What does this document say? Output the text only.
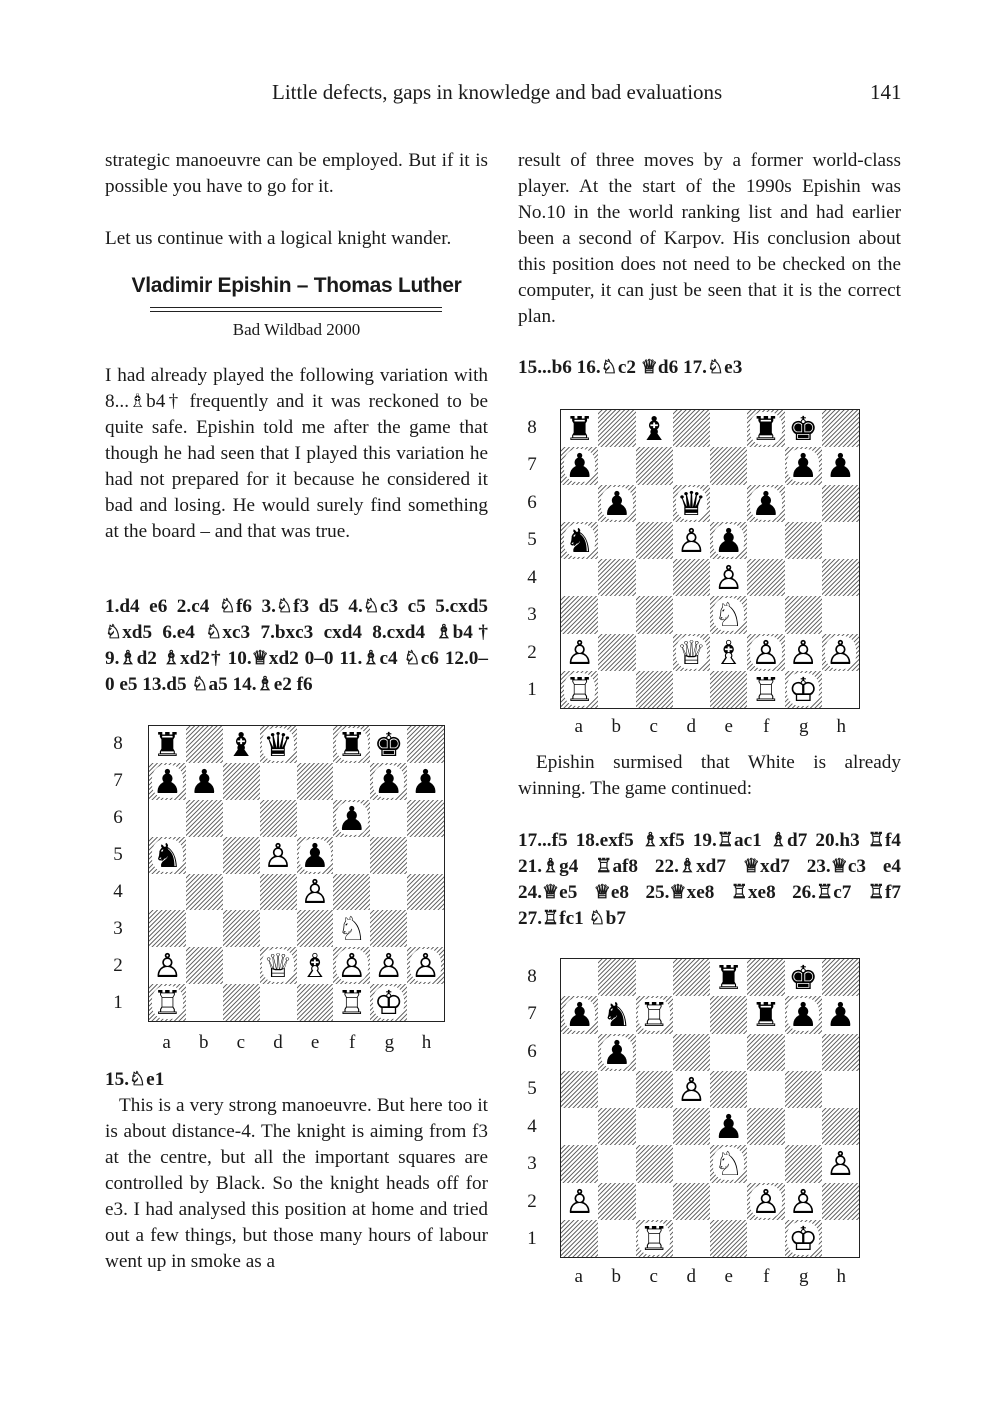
Little defects, gaps in knowledge and bad evaluations	141

strategic manoeuvre can be employed. But if it is possible you have to go for it.

Let us continue with a logical knight wander.

Vladimir Epishin – Thomas Luther
Bad Wildbad 2000

I had already played the following variation with 8...♗b4† frequently and it was reckoned to be quite safe. Epishin told me after the game that though he had seen that I played this variation he had not prepared for it because he considered it bad and losing. He would surely find something at the board – and that was true.

1.d4 e6 2.c4 ♘f6 3.♘f3 d5 4.♘c3 c5 5.cxd5 ♘xd5 6.e4 ♘xc3 7.bxc3 cxd4 8.cxd4 ♗b4† 9.♗d2 ♗xd2† 10.♕xd2 0–0 11.♗c4 ♘c6 12.0–0 e5 13.d5 ♘a5 14.♗e2 f6

15.♘e1

This is a very strong manoeuvre. But here too it is about distance-4. The knight is aiming from f3 at the centre, but all the important squares are controlled by Black. So the knight heads off for e3. I had analysed this position at home and tried out a few things, but those many hours of labour went up in smoke as a

result of three moves by a former world-class player. At the start of the 1990s Epishin was No.10 in the world ranking list and had earlier been a second of Karpov. His conclusion about this position does not need to be checked on the computer, it can just be seen that it is the correct plan.

15...b6 16.♘c2 ♕d6 17.♘e3

Epishin surmised that White is already winning. The game continued:

17...f5 18.exf5 ♗xf5 19.♖ac1 ♗d7 20.h3 ♖f4 21.♗g4 ♖af8 22.♗xd7 ♕xd7 23.♕c3 e4 24.♕e5 ♕e8 25.♕xe8 ♖xe8 26.♖c7 ♖f7 27.♖fc1 ♘b7

♜ ♝ ♛ ♜ ♚
♟ ♟	♟ ♟
♟
♞ ♙ ♟
♙
♘
♙ ♕ ♗ ♙ ♙ ♙
♖	♖ ♔
8
7
6
5
4
3
2
1
a	b	c	d	e	f	g h
♜ ♝ ♜ ♚
♟	♟ ♟
♟ ♛ ♟
♞ ♙ ♟
♙
♘
♙ ♕ ♗ ♙ ♙ ♙
♖	♖ ♔
8
7
6
5
4
3
2
1
a	b	c	d	e	f	g h
♜ ♚
♟ ♞ ♖ ♜ ♟ ♟
♟
♙
♟
♘ ♙
♙	♙ ♙
♖	♔
8
7
6
5
4
3
2
1
a	b	c	d	e	f	g h
